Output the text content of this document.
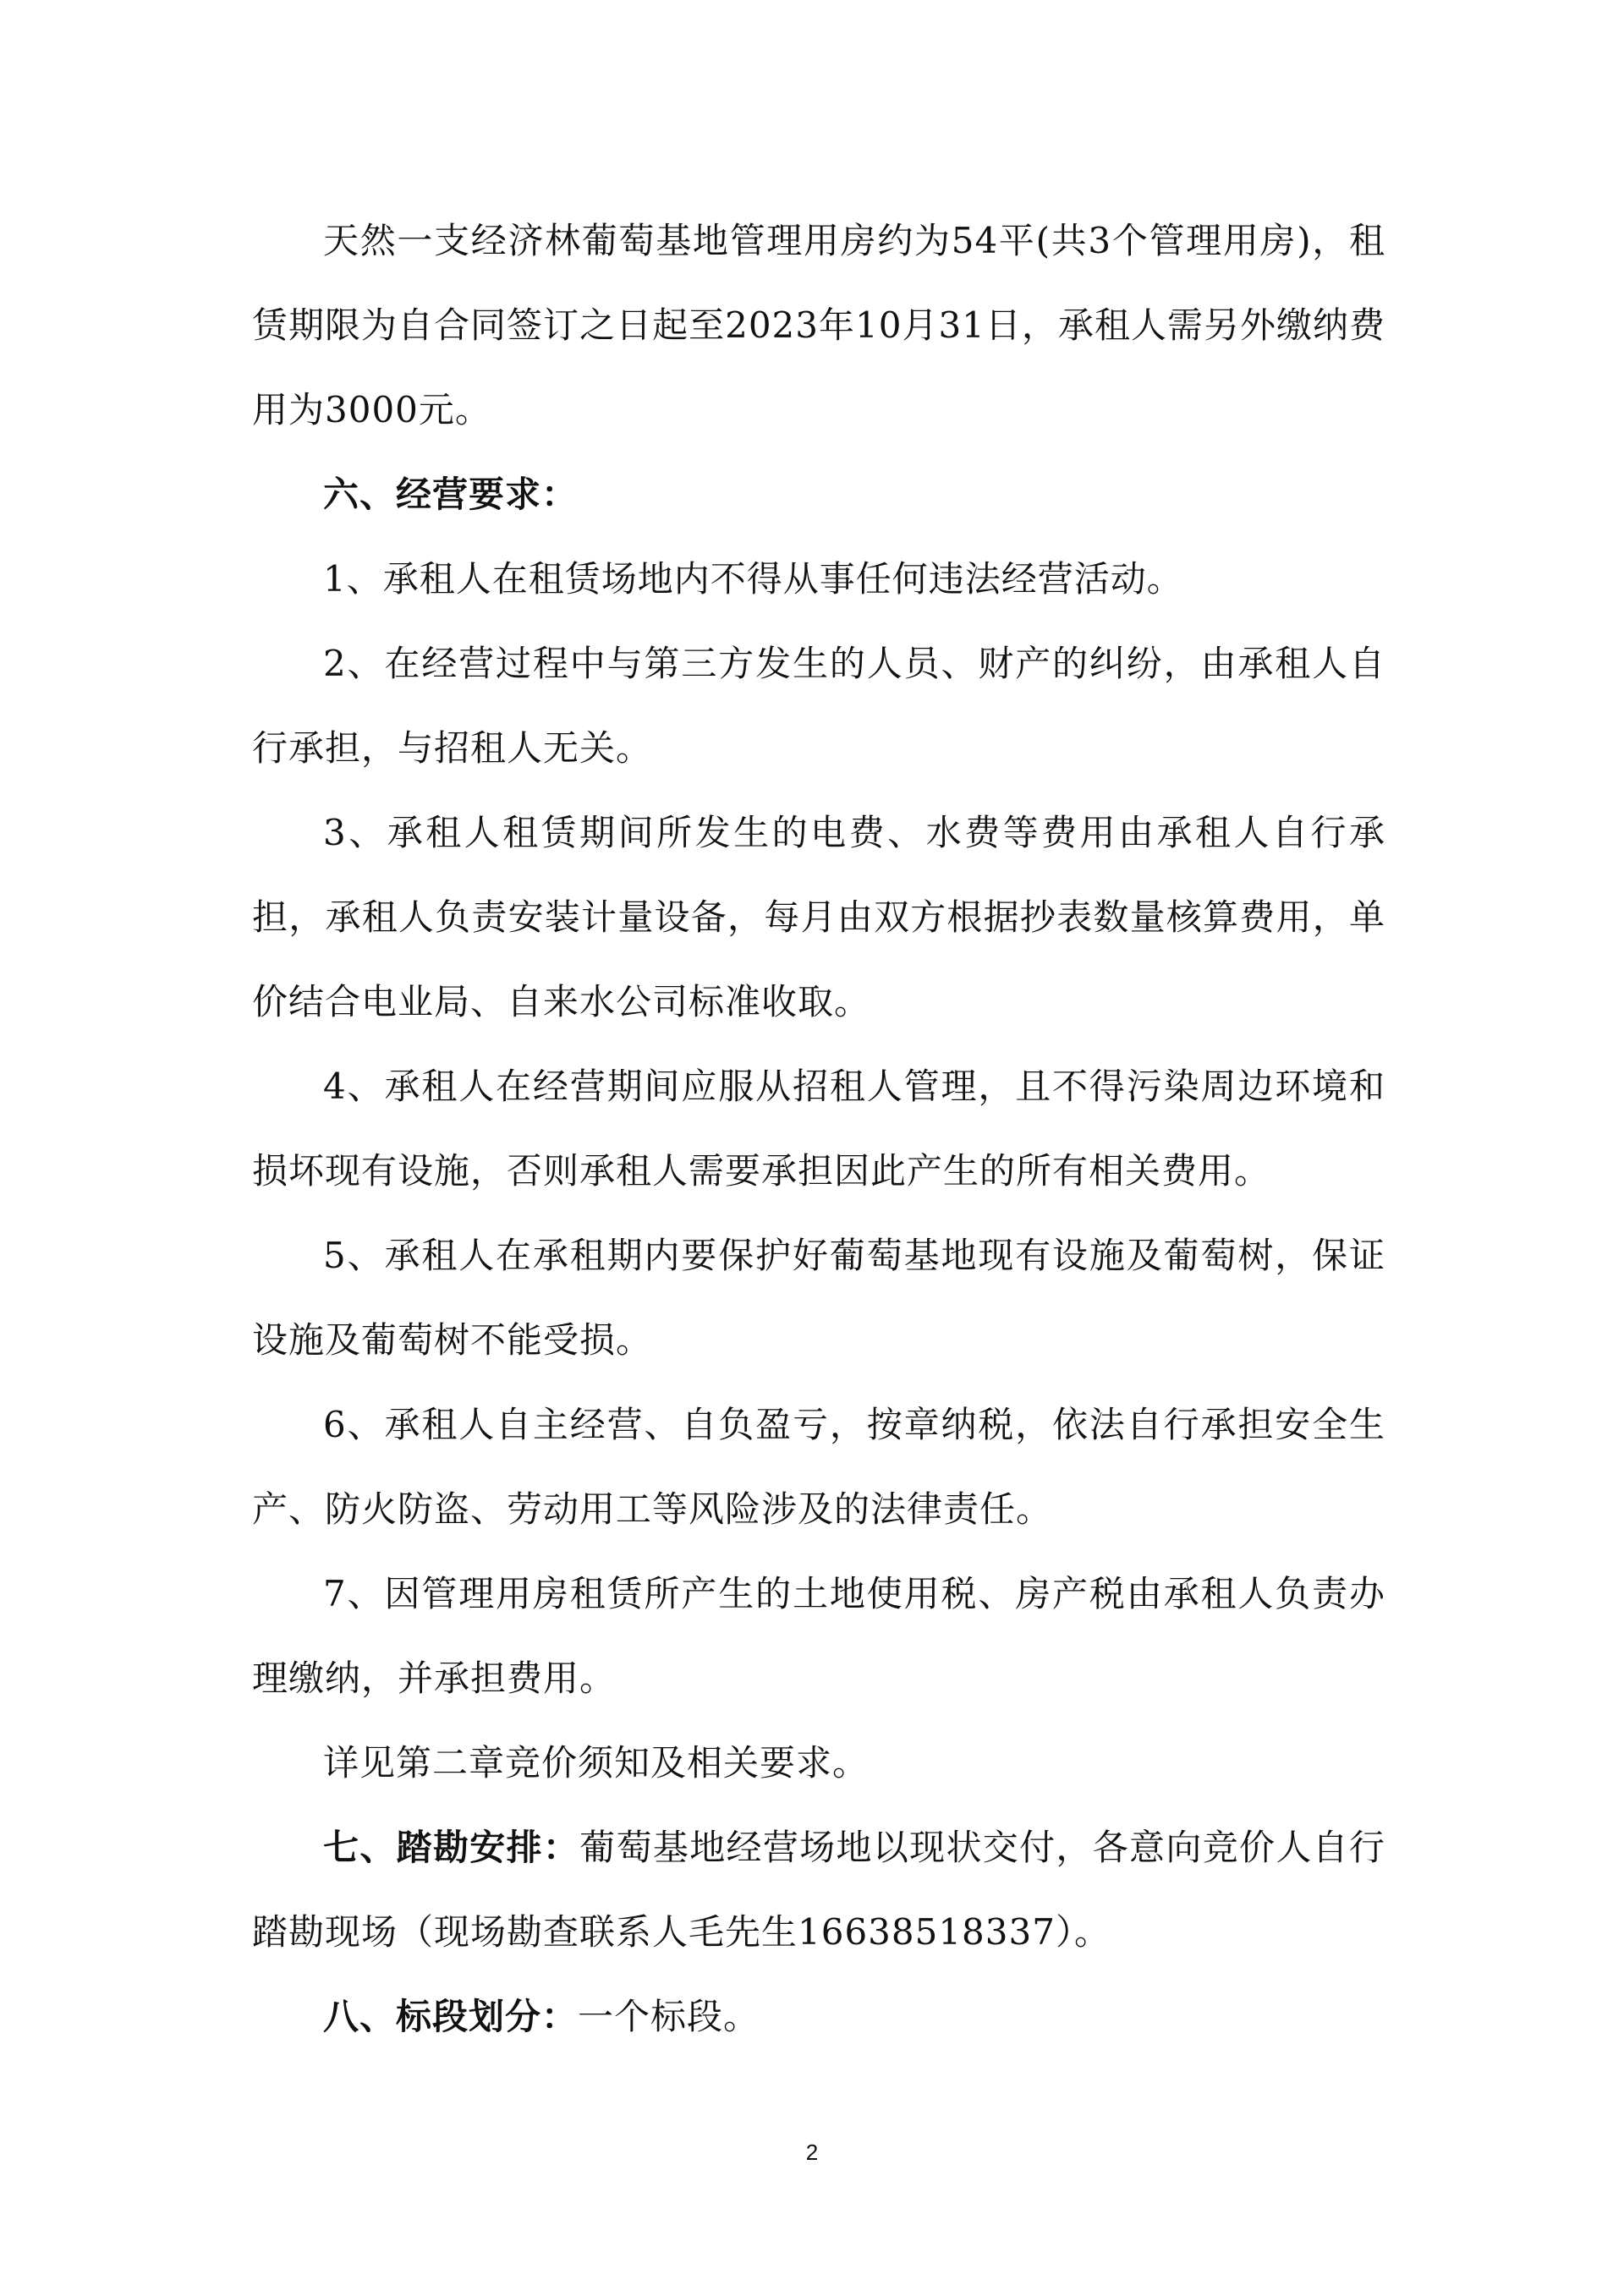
天然一支经济林葡萄基地管理用房约为54平(共3个管理用房)，租赁期限为自合同签订之日起至2023年10月31日，承租人需另外缴纳费用为3000元。

六、经营要求：

1、承租人在租赁场地内不得从事任何违法经营活动。

2、在经营过程中与第三方发生的人员、财产的纠纷，由承租人自行承担，与招租人无关。

3、承租人租赁期间所发生的电费、水费等费用由承租人自行承担，承租人负责安装计量设备，每月由双方根据抄表数量核算费用，单价结合电业局、自来水公司标准收取。

4、承租人在经营期间应服从招租人管理，且不得污染周边环境和损坏现有设施，否则承租人需要承担因此产生的所有相关费用。

5、承租人在承租期内要保护好葡萄基地现有设施及葡萄树，保证设施及葡萄树不能受损。

6、承租人自主经营、自负盈亏，按章纳税，依法自行承担安全生产、防火防盗、劳动用工等风险涉及的法律责任。

7、因管理用房租赁所产生的土地使用税、房产税由承租人负责办理缴纳，并承担费用。

详见第二章竞价须知及相关要求。

七、踏勘安排：葡萄基地经营场地以现状交付，各意向竞价人自行踏勘现场（现场勘查联系人毛先生16638518337）。

八、标段划分：一个标段。

2
